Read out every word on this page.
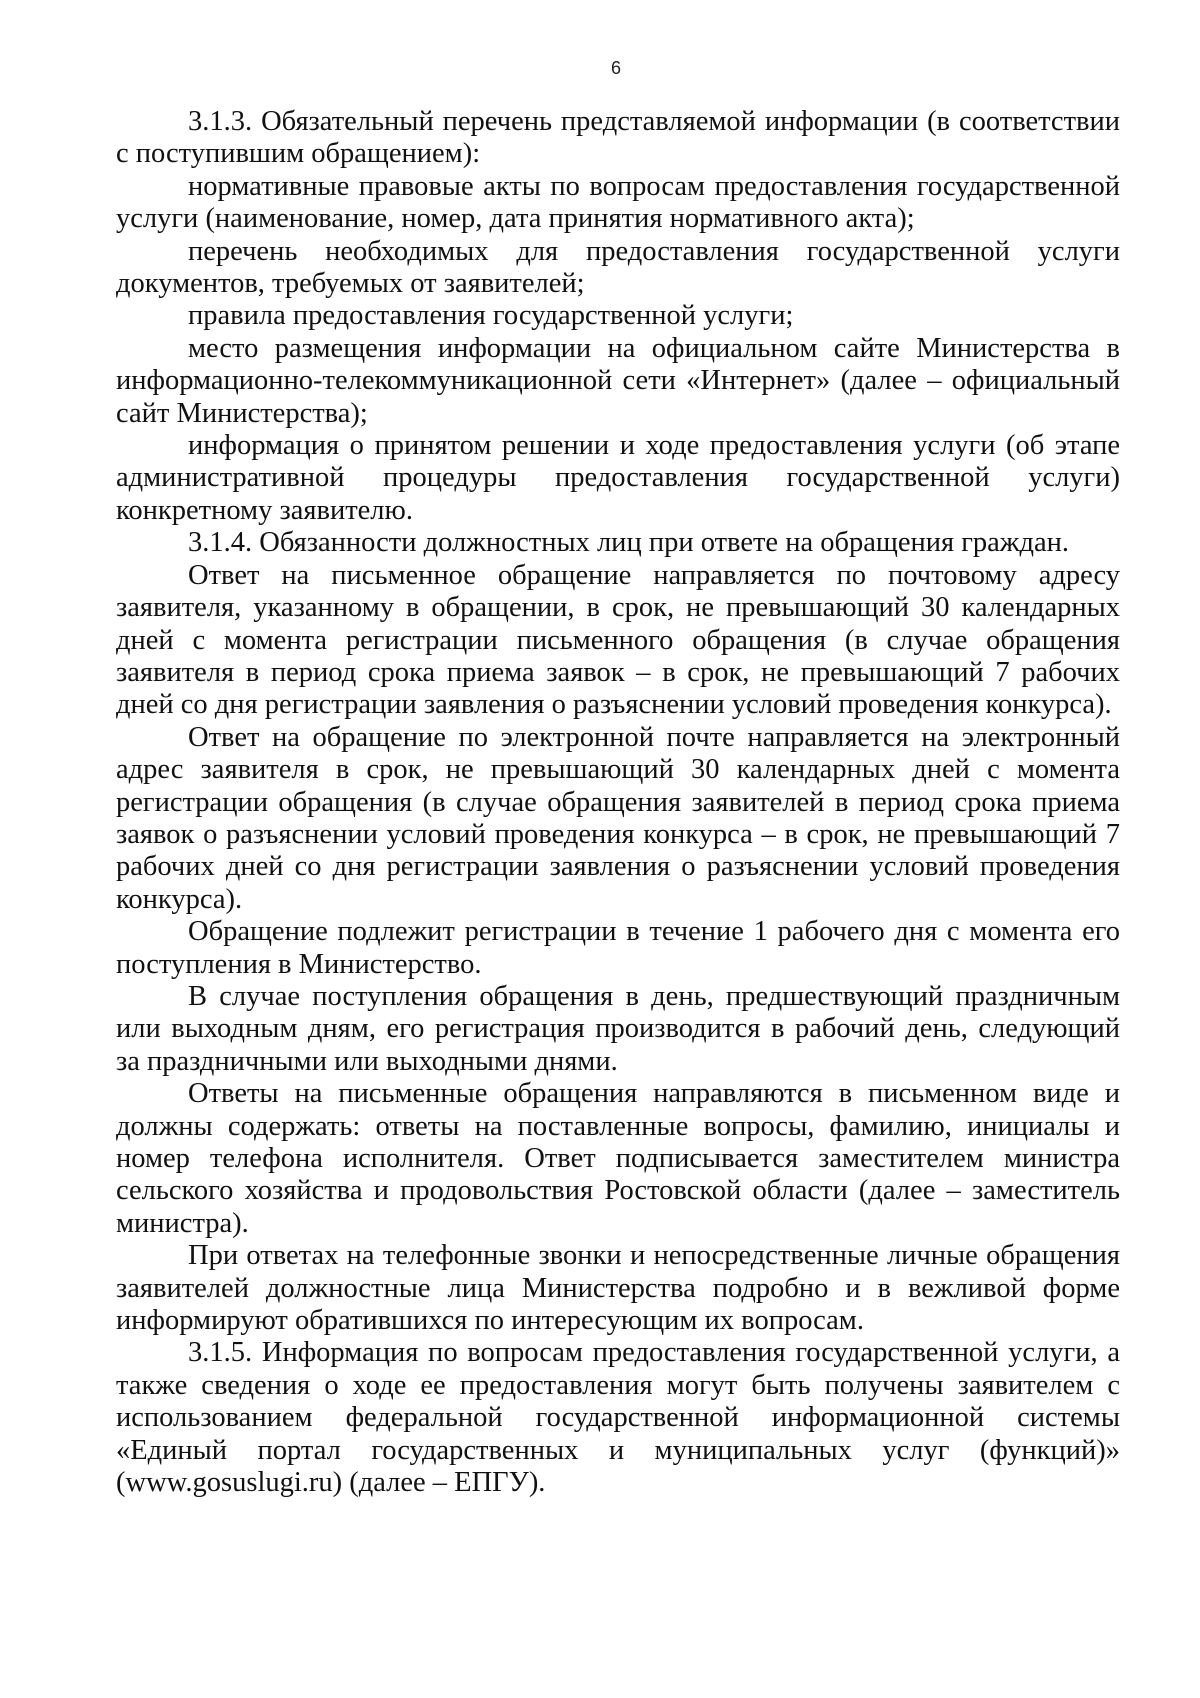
6

3.1.3. Обязательный перечень представляемой информации (в соответствии с поступившим обращением):

нормативные правовые акты по вопросам предоставления государственной услуги (наименование, номер, дата принятия нормативного акта);

перечень необходимых для предоставления государственной услуги документов, требуемых от заявителей;

правила предоставления государственной услуги;

место размещения информации на официальном сайте Министерства в информационно-телекоммуникационной сети «Интернет» (далее – официальный сайт Министерства);

информация о принятом решении и ходе предоставления услуги (об этапе административной процедуры предоставления государственной услуги) конкретному заявителю.

3.1.4. Обязанности должностных лиц при ответе на обращения граждан.

Ответ на письменное обращение направляется по почтовому адресу заявителя, указанному в обращении, в срок, не превышающий 30 календарных дней с момента регистрации письменного обращения (в случае обращения заявителя в период срока приема заявок – в срок, не превышающий 7 рабочих дней со дня регистрации заявления о разъяснении условий проведения конкурса).

Ответ на обращение по электронной почте направляется на электронный адрес заявителя в срок, не превышающий 30 календарных дней с момента регистрации обращения (в случае обращения заявителей в период срока приема заявок о разъяснении условий проведения конкурса – в срок, не превышающий 7 рабочих дней со дня регистрации заявления о разъяснении условий проведения конкурса).

Обращение подлежит регистрации в течение 1 рабочего дня с момента его поступления в Министерство.

В случае поступления обращения в день, предшествующий праздничным или выходным дням, его регистрация производится в рабочий день, следующий за праздничными или выходными днями.

Ответы на письменные обращения направляются в письменном виде и должны содержать: ответы на поставленные вопросы, фамилию, инициалы и номер телефона исполнителя. Ответ подписывается заместителем министра сельского хозяйства и продовольствия Ростовской области (далее – заместитель министра).

При ответах на телефонные звонки и непосредственные личные обращения заявителей должностные лица Министерства подробно и в вежливой форме информируют обратившихся по интересующим их вопросам.

3.1.5. Информация по вопросам предоставления государственной услуги, а также сведения о ходе ее предоставления могут быть получены заявителем с использованием федеральной государственной информационной системы «Единый портал государственных и муниципальных услуг (функций)» (www.gosuslugi.ru) (далее – ЕПГУ).
